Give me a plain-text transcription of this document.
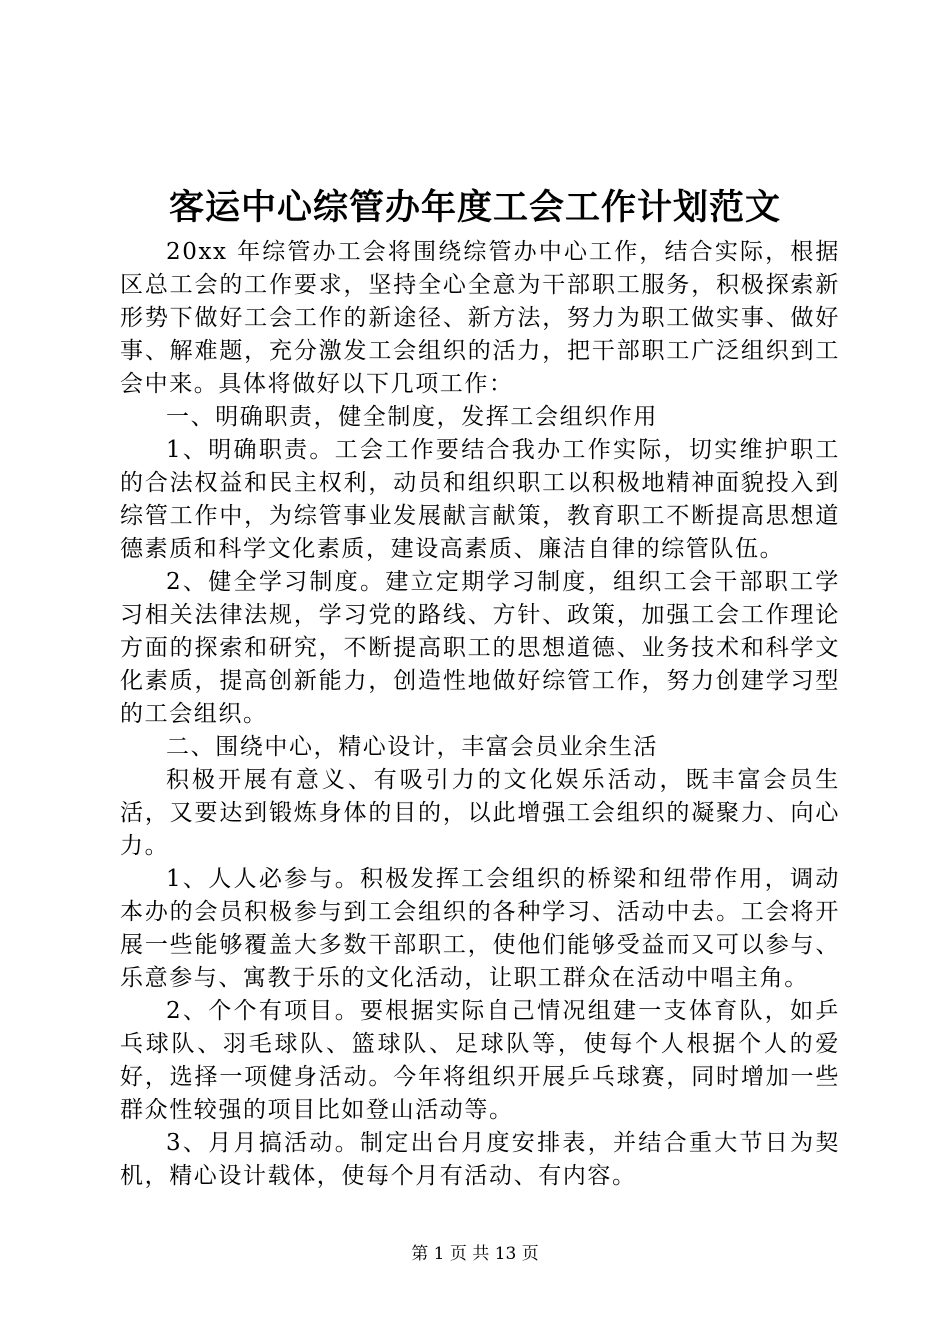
客运中心综管办年度工会工作计划范文

20xx 年综管办工会将围绕综管办中心工作，结合实际，根据区总工会的工作要求，坚持全心全意为干部职工服务，积极探索新形势下做好工会工作的新途径、新方法，努力为职工做实事、做好事、解难题，充分激发工会组织的活力，把干部职工广泛组织到工会中来。具体将做好以下几项工作：

一、明确职责，健全制度，发挥工会组织作用

1、明确职责。工会工作要结合我办工作实际，切实维护职工的合法权益和民主权利，动员和组织职工以积极地精神面貌投入到综管工作中，为综管事业发展献言献策，教育职工不断提高思想道德素质和科学文化素质，建设高素质、廉洁自律的综管队伍。

2、健全学习制度。建立定期学习制度，组织工会干部职工学习相关法律法规，学习党的路线、方针、政策，加强工会工作理论方面的探索和研究，不断提高职工的思想道德、业务技术和科学文化素质，提高创新能力，创造性地做好综管工作，努力创建学习型的工会组织。

二、围绕中心，精心设计，丰富会员业余生活

积极开展有意义、有吸引力的文化娱乐活动，既丰富会员生活，又要达到锻炼身体的目的，以此增强工会组织的凝聚力、向心力。

1、人人必参与。积极发挥工会组织的桥梁和纽带作用，调动本办的会员积极参与到工会组织的各种学习、活动中去。工会将开展一些能够覆盖大多数干部职工，使他们能够受益而又可以参与、乐意参与、寓教于乐的文化活动，让职工群众在活动中唱主角。

2、个个有项目。要根据实际自己情况组建一支体育队，如乒乓球队、羽毛球队、篮球队、足球队等，使每个人根据个人的爱好，选择一项健身活动。今年将组织开展乒乓球赛，同时增加一些群众性较强的项目比如登山活动等。

3、月月搞活动。制定出台月度安排表，并结合重大节日为契机，精心设计载体，使每个月有活动、有内容。

第 1 页 共 13 页
